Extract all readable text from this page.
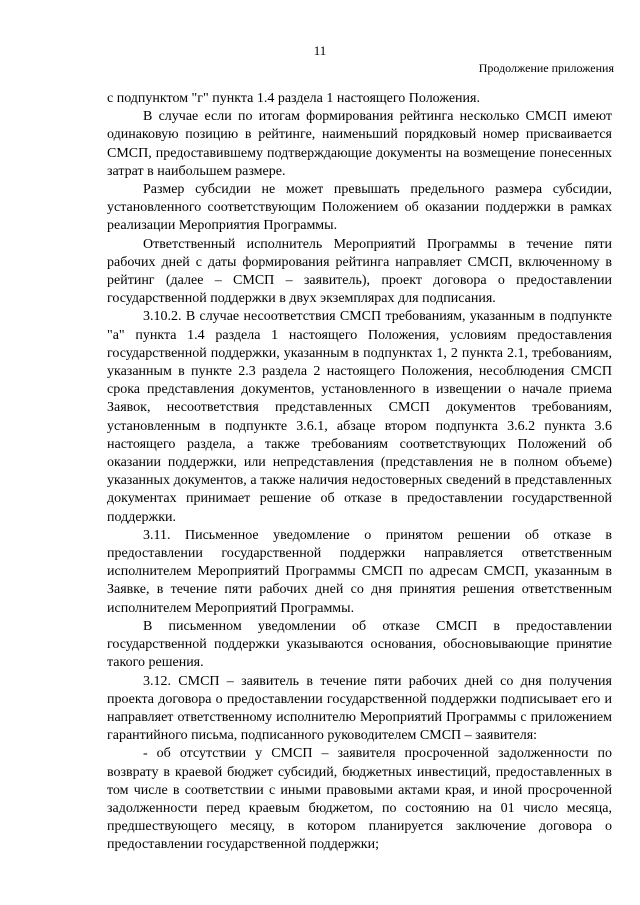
11
Продолжение приложения

с подпунктом "г" пункта 1.4 раздела 1 настоящего Положения.

В случае если по итогам формирования рейтинга несколько СМСП имеют одинаковую позицию в рейтинге, наименьший порядковый номер присваивается СМСП, предоставившему подтверждающие документы на возмещение понесенных затрат в наибольшем размере.

Размер субсидии не может превышать предельного размера субсидии, установленного соответствующим Положением об оказании поддержки в рамках реализации Мероприятия Программы.

Ответственный исполнитель Мероприятий Программы в течение пяти рабочих дней с даты формирования рейтинга направляет СМСП, включенному в рейтинг (далее – СМСП – заявитель), проект договора о предоставлении государственной поддержки в двух экземплярах для подписания.

3.10.2. В случае несоответствия СМСП требованиям, указанным в подпункте "а" пункта 1.4 раздела 1 настоящего Положения, условиям предоставления государственной поддержки, указанным в подпунктах 1, 2 пункта 2.1, требованиям, указанным в пункте 2.3 раздела 2 настоящего Положения, несоблюдения СМСП срока представления документов, установленного в извещении о начале приема Заявок, несоответствия представленных СМСП документов требованиям, установленным в подпункте 3.6.1, абзаце втором подпункта 3.6.2 пункта 3.6 настоящего раздела, а также требованиям соответствующих Положений об оказании поддержки, или непредставления (представления не в полном объеме) указанных документов, а также наличия недостоверных сведений в представленных документах принимает решение об отказе в предоставлении государственной поддержки.

3.11. Письменное уведомление о принятом решении об отказе в предоставлении государственной поддержки направляется ответственным исполнителем Мероприятий Программы СМСП по адресам СМСП, указанным в Заявке, в течение пяти рабочих дней со дня принятия решения ответственным исполнителем Мероприятий Программы.

В письменном уведомлении об отказе СМСП в предоставлении государственной поддержки указываются основания, обосновывающие принятие такого решения.

3.12. СМСП – заявитель в течение пяти рабочих дней со дня получения проекта договора о предоставлении государственной поддержки подписывает его и направляет ответственному исполнителю Мероприятий Программы с приложением гарантийного письма, подписанного руководителем СМСП – заявителя:

- об отсутствии у СМСП – заявителя просроченной задолженности по возврату в краевой бюджет субсидий, бюджетных инвестиций, предоставленных в том числе в соответствии с иными правовыми актами края, и иной просроченной задолженности перед краевым бюджетом, по состоянию на 01 число месяца, предшествующего месяцу, в котором планируется заключение договора о предоставлении государственной поддержки;
